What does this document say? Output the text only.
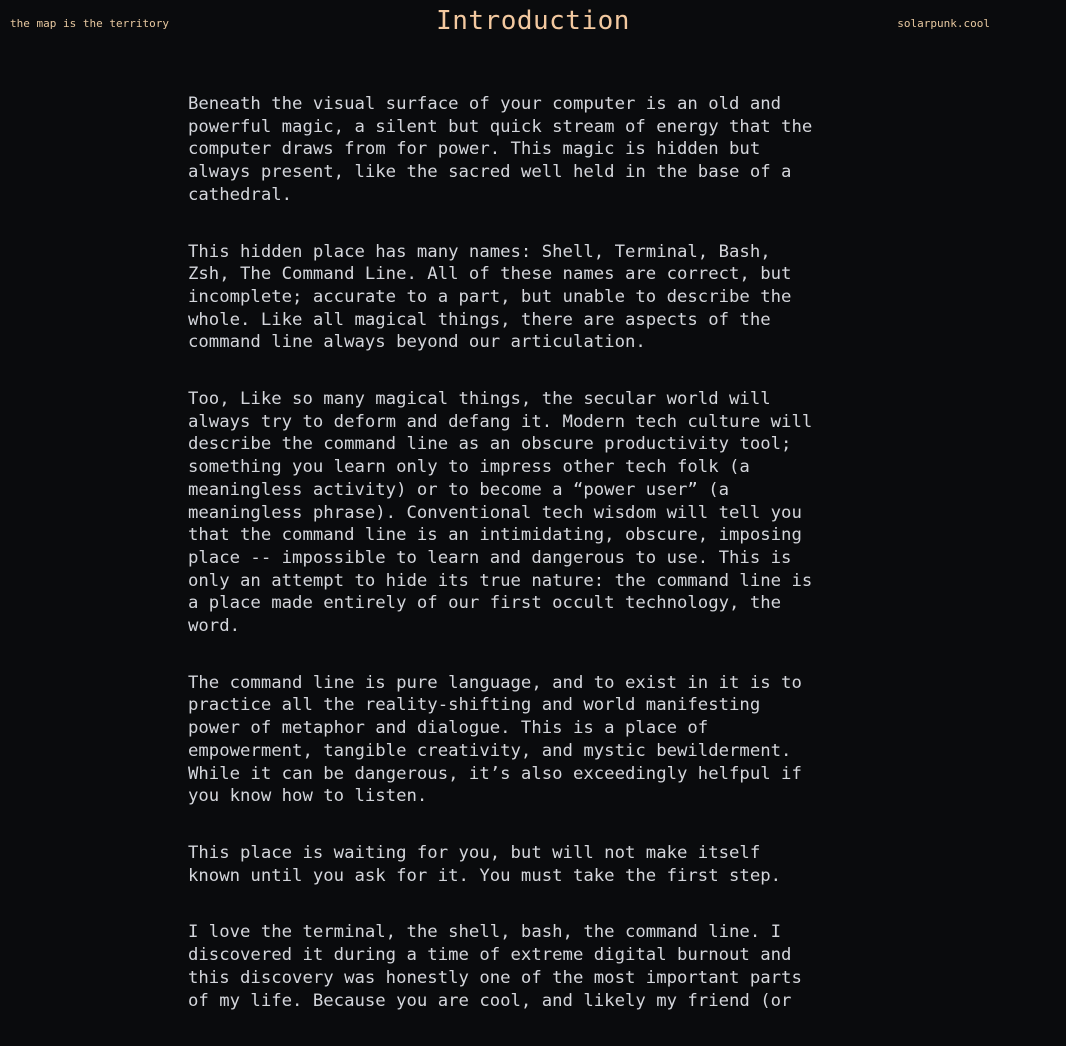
the map is the territory	Introduction	solarpunk.cool

Beneath the visual surface of your computer is an old and powerful magic, a silent but quick stream of energy that the computer draws from for power. This magic is hidden but always present, like the sacred well held in the base of a cathedral.

This hidden place has many names: Shell, Terminal, Bash, Zsh, The Command Line. All of these names are correct, but incomplete; accurate to a part, but unable to describe the whole. Like all magical things, there are aspects of the command line always beyond our articulation.

Too, Like so many magical things, the secular world will always try to deform and defang it. Modern tech culture will describe the command line as an obscure productivity tool; something you learn only to impress other tech folk (a meaningless activity) or to become a “power user” (a meaningless phrase). Conventional tech wisdom will tell you that the command line is an intimidating, obscure, imposing place -- impossible to learn and dangerous to use. This is only an attempt to hide its true nature: the command line is a place made entirely of our first occult technology, the word.

The command line is pure language, and to exist in it is to practice all the reality-shifting and world manifesting power of metaphor and dialogue. This is a place of empowerment, tangible creativity, and mystic bewilderment. While it can be dangerous, it’s also exceedingly helfpul if you know how to listen.

This place is waiting for you, but will not make itself known until you ask for it. You must take the first step.

I love the terminal, the shell, bash, the command line. I discovered it during a time of extreme digital burnout and this discovery was honestly one of the most important parts of my life. Because you are cool, and likely my friend (or
